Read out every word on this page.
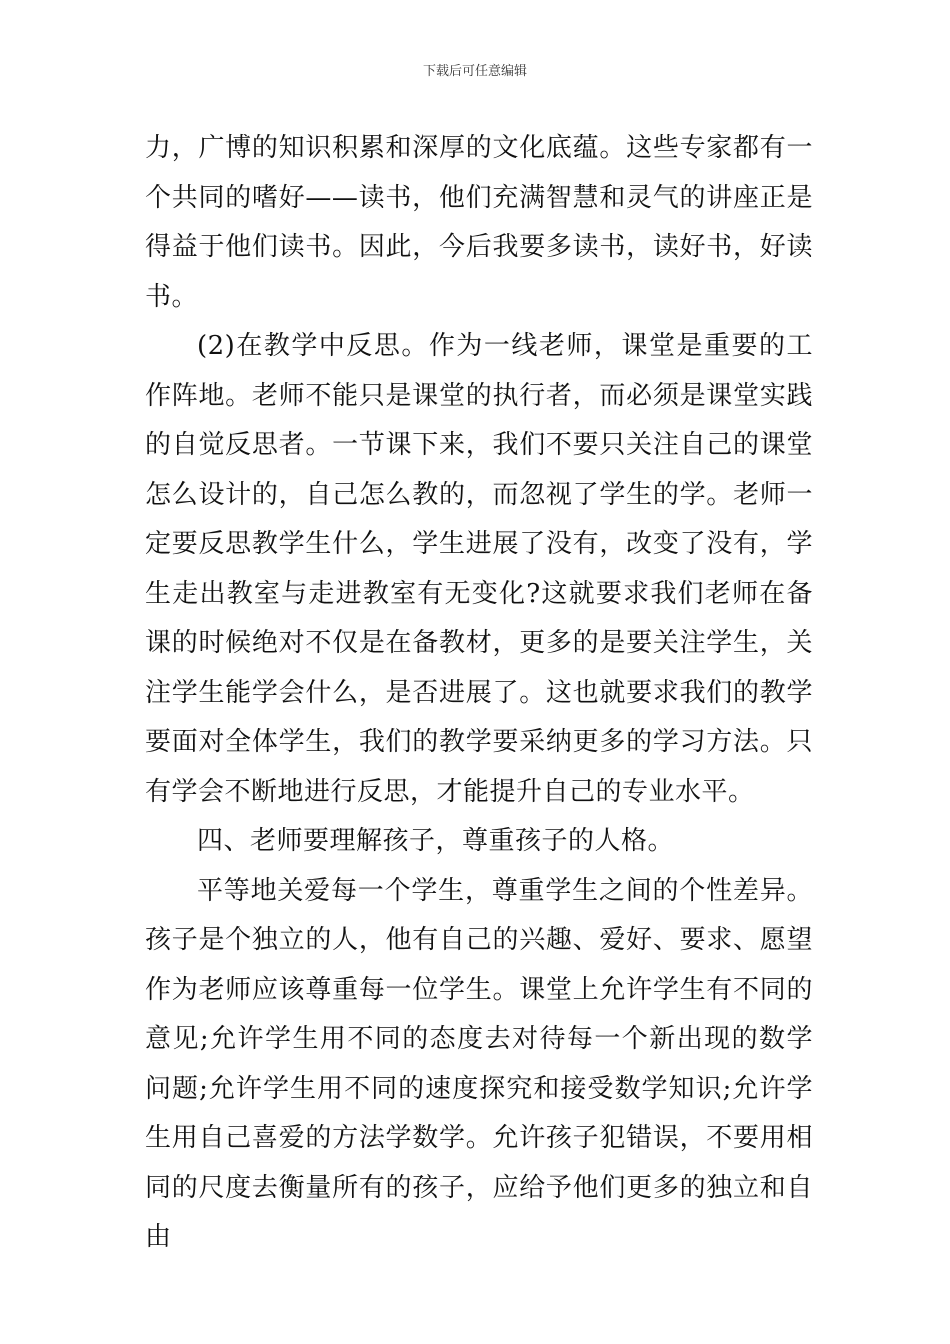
下载后可任意编辑

力，广博的知识积累和深厚的文化底蕴。这些专家都有一个共同的嗜好——读书，他们充满智慧和灵气的讲座正是得益于他们读书。因此，今后我要多读书，读好书，好读书。

(2)在教学中反思。作为一线老师，课堂是重要的工作阵地。老师不能只是课堂的执行者，而必须是课堂实践的自觉反思者。一节课下来，我们不要只关注自己的课堂怎么设计的，自己怎么教的，而忽视了学生的学。老师一定要反思教学生什么，学生进展了没有，改变了没有，学生走出教室与走进教室有无变化?这就要求我们老师在备课的时候绝对不仅是在备教材，更多的是要关注学生，关注学生能学会什么，是否进展了。这也就要求我们的教学要面对全体学生，我们的教学要采纳更多的学习方法。只有学会不断地进行反思，才能提升自己的专业水平。

四、老师要理解孩子，尊重孩子的人格。

平等地关爱每一个学生，尊重学生之间的个性差异。孩子是个独立的人，他有自己的兴趣、爱好、要求、愿望作为老师应该尊重每一位学生。课堂上允许学生有不同的意见;允许学生用不同的态度去对待每一个新出现的数学问题;允许学生用不同的速度探究和接受数学知识;允许学生用自己喜爱的方法学数学。允许孩子犯错误，不要用相同的尺度去衡量所有的孩子，应给予他们更多的独立和自由
